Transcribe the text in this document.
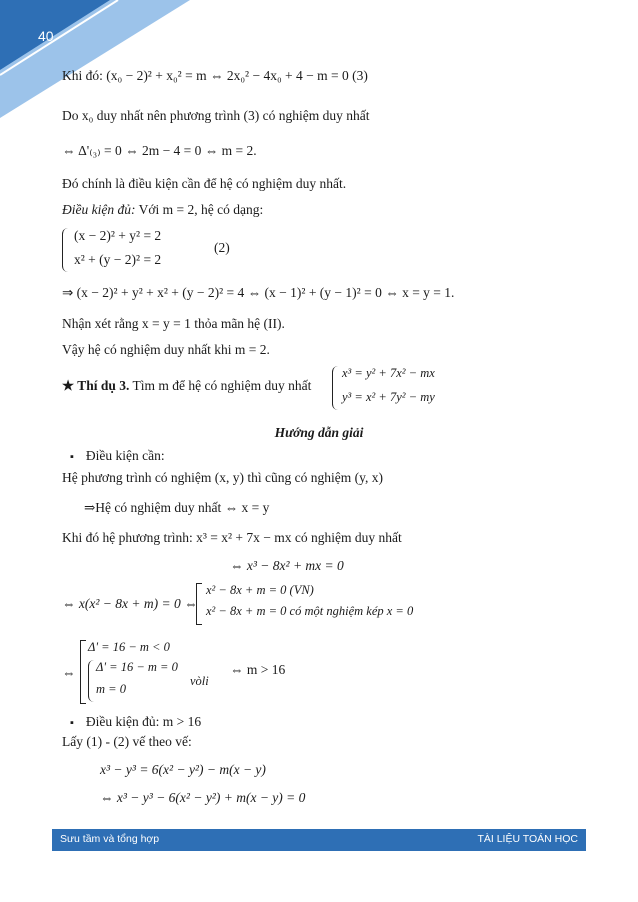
40
Khi đó: (x₀ − 2)² + x₀² = m ⇔ 2x₀² − 4x₀ + 4 − m = 0 (3)
Do x₀ duy nhất nên phương trình (3) có nghiệm duy nhất
⇔ Δ'₍₃₎ = 0 ⇔ 2m − 4 = 0 ⇔ m = 2.
Đó chính là điều kiện cần để hệ có nghiệm duy nhất.
Điều kiện đủ: Với m = 2, hệ có dạng:
(x − 2)² + y² = 2
x² + (y − 2)² = 2
(2)
⇒ (x − 2)² + y² + x² + (y − 2)² = 4 ⇔ (x − 1)² + (y − 1)² = 0 ⇔ x = y = 1.
Nhận xét rằng x = y = 1 thỏa mãn hệ (II).
Vậy hệ có nghiệm duy nhất khi m = 2.
★ Thí dụ 3. Tìm m để hệ có nghiệm duy nhất
x³ = y² + 7x² − mx
y³ = x² + 7y² − my
Hướng dẫn giải
▪ Điều kiện cần:
Hệ phương trình có nghiệm (x, y) thì cũng có nghiệm (y, x)
⇒Hệ có nghiệm duy nhất ⇔ x = y
Khi đó hệ phương trình: x³ = x² + 7x − mx có nghiệm duy nhất
⇔ x³ − 8x² + mx = 0
⇔ x(x² − 8x + m) = 0 ⇔
x² − 8x + m = 0 (VN)
x² − 8x + m = 0 có một nghiệm kép x = 0
⇔
Δ' = 16 − m < 0
Δ' = 16 − m = 0
m = 0
vòli
⇔ m > 16
▪ Điều kiện đủ: m > 16
Lấy (1) - (2) vế theo vế:
x³ − y³ = 6(x² − y²) − m(x − y)
⇔ x³ − y³ − 6(x² − y²) + m(x − y) = 0
Sưu tầm và tổng hợp	TÀI LIỆU TOÁN HỌC
